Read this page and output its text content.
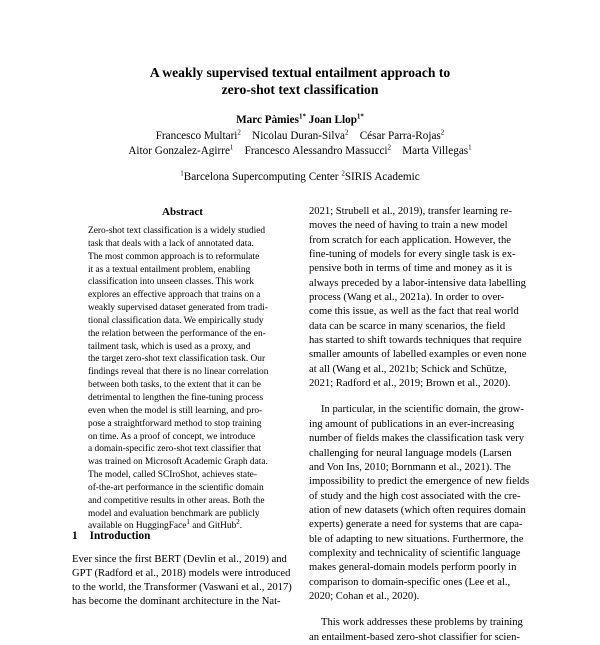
A weakly supervised textual entailment approach to
zero-shot text classification
Marc Pàmies$^{1*}$ Joan Llop$^{1*}$
Francesco Multari$^2$ Nicolau Duran-Silva$^2$ César Parra-Rojas$^2$
Aitor Gonzalez-Agirre$^1$ Francesco Alessandro Massucci$^2$ Marta Villegas$^1$
$^1$Barcelona Supercomputing Center $^2$SIRIS Academic
Abstract
Zero-shot text classification is a widely studied
task that deals with a lack of annotated data.
The most common approach is to reformulate
it as a textual entailment problem, enabling
classification into unseen classes. This work
explores an effective approach that trains on a
weakly supervised dataset generated from tradi-
tional classification data. We empirically study
the relation between the performance of the en-
tailment task, which is used as a proxy, and
the target zero-shot text classification task. Our
findings reveal that there is no linear correlation
between both tasks, to the extent that it can be
detrimental to lengthen the fine-tuning process
even when the model is still learning, and pro-
pose a straightforward method to stop training
on time. As a proof of concept, we introduce
a domain-specific zero-shot text classifier that
was trained on Microsoft Academic Graph data.
The model, called SCIroShot, achieves state-
of-the-art performance in the scientific domain
and competitive results in other areas. Both the
model and evaluation benchmark are publicly
available on HuggingFace$^1$ and GitHub$^2$.
1 Introduction
Ever since the first BERT (Devlin et al., 2019) and
GPT (Radford et al., 2018) models were introduced
to the world, the Transformer (Vaswani et al., 2017)
has become the dominant architecture in the Nat-
2021; Strubell et al., 2019), transfer learning re-
moves the need of having to train a new model
from scratch for each application. However, the
fine-tuning of models for every single task is ex-
pensive both in terms of time and money as it is
always preceded by a labor-intensive data labelling
process (Wang et al., 2021a). In order to over-
come this issue, as well as the fact that real world
data can be scarce in many scenarios, the field
has started to shift towards techniques that require
smaller amounts of labelled examples or even none
at all (Wang et al., 2021b; Schick and Schütze,
2021; Radford et al., 2019; Brown et al., 2020).
In particular, in the scientific domain, the grow-
ing amount of publications in an ever-increasing
number of fields makes the classification task very
challenging for neural language models (Larsen
and Von Ins, 2010; Bornmann et al., 2021). The
impossibility to predict the emergence of new fields
of study and the high cost associated with the cre-
ation of new datasets (which often requires domain
experts) generate a need for systems that are capa-
ble of adapting to new situations. Furthermore, the
complexity and technicality of scientific language
makes general-domain models perform poorly in
comparison to domain-specific ones (Lee et al.,
2020; Cohan et al., 2020).
This work addresses these problems by training
an entailment-based zero-shot classifier for scien-
